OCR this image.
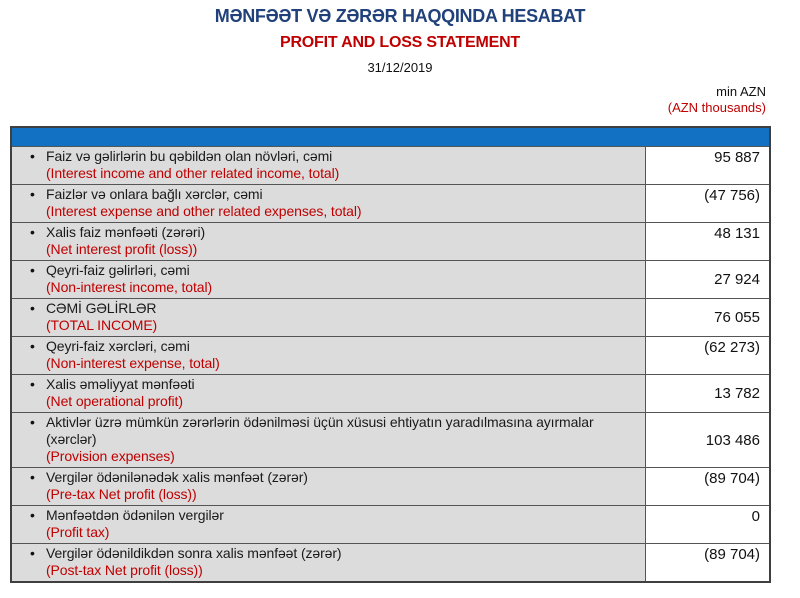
MƏNFƏƏT VƏ ZƏRƏR HAQQINDA HESABAT
PROFIT AND LOSS STATEMENT
31/12/2019
min AZN
(AZN thousands)
• Faiz və gəlirlərin bu qəbildən olan növləri, cəmi
(Interest income and other related income, total)
95 887
• Faizlər və onlara bağlı xərclər, cəmi
(Interest expense and other related expenses, total)
(47 756)
• Xalis faiz mənfəəti (zərəri)
(Net interest profit (loss))
48 131
• Qeyri-faiz gəlirləri, cəmi
(Non-interest income, total)	27 924
• CƏMİ GƏLİRLƏR
(TOTAL INCOME)	76 055
• Qeyri-faiz xərcləri, cəmi
(Non-interest expense, total)
(62 273)
• Xalis əməliyyat mənfəəti
(Net operational profit)	13 782
• Aktivlər üzrə mümkün zərərlərin ödənilməsi üçün xüsusi ehtiyatın yaradılmasına ayırmalar (xərclər)
(Provision expenses)
103 486
• Vergilər ödənilənədək xalis mənfəət (zərər)
(Pre-tax Net profit (loss))
(89 704)
• Mənfəətdən ödənilən vergilər
(Profit tax)
0
• Vergilər ödənildikdən sonra xalis mənfəət (zərər)
(Post-tax Net profit (loss))
(89 704)
